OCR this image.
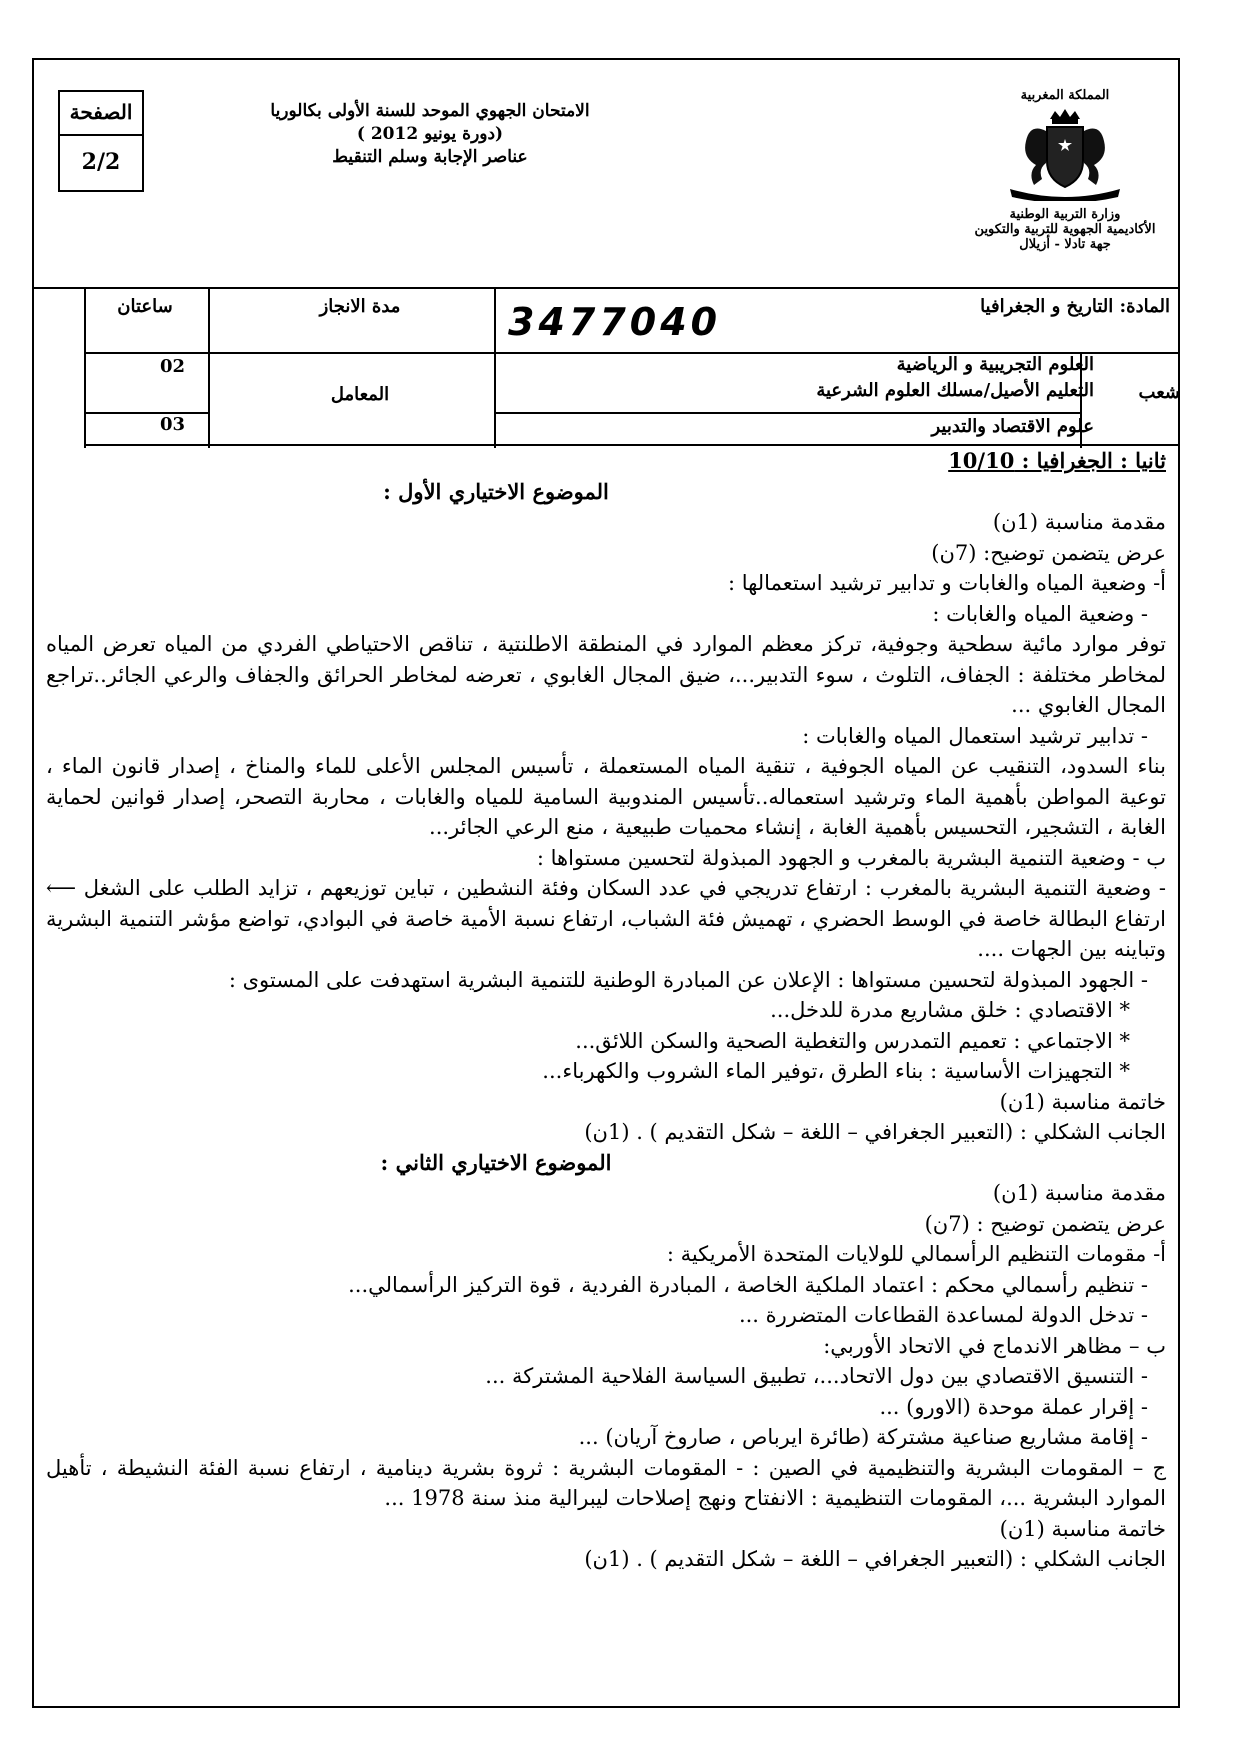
الصفحة
2/2
الامتحان الجهوي الموحد للسنة الأولى بكالوريا
(دورة يونيو 2012 )
عناصر الإجابة وسلم التنقيط
المملكة المغربية
وزارة التربية الوطنية
الأكاديمية الجهوية للتربية والتكوين
جهة تادلا - أزيلال
المادة: التاريخ و الجغرافيا
3477040
مدة الانجاز
ساعتان
شعب
العلوم التجريبية و الرياضية
التعليم الأصيل/مسلك العلوم الشرعية
علوم الاقتصاد والتدبير
المعامل
02
03

ثانيا : الجغرافيا : 10/10

الموضوع الاختياري الأول :

مقدمة مناسبة (1ن)

عرض يتضمن توضيح: (7ن)

أ- وضعية المياه والغابات و تدابير ترشيد استعمالها :

- وضعية المياه والغابات :

توفر موارد مائية سطحية وجوفية، تركز معظم الموارد في المنطقة الاطلنتية ، تناقص الاحتياطي الفردي من المياه تعرض المياه لمخاطر مختلفة : الجفاف، التلوث ، سوء التدبير...، ضيق المجال الغابوي ، تعرضه لمخاطر الحرائق والجفاف والرعي الجائر..تراجع المجال الغابوي ...

- تدابير ترشيد استعمال المياه والغابات :

بناء السدود، التنقيب عن المياه الجوفية ، تنقية المياه المستعملة ، تأسيس المجلس الأعلى للماء والمناخ ، إصدار قانون الماء ، توعية المواطن بأهمية الماء وترشيد استعماله..تأسيس المندوبية السامية للمياه والغابات ، محاربة التصحر، إصدار قوانين لحماية الغابة ، التشجير، التحسيس بأهمية الغابة ، إنشاء محميات طبيعية ، منع الرعي الجائر...

ب - وضعية التنمية البشرية بالمغرب و الجهود المبذولة لتحسين مستواها :

- وضعية التنمية البشرية بالمغرب : ارتفاع تدريجي في عدد السكان وفئة النشطين ، تباين توزيعهم ، تزايد الطلب على الشغل ⟵ ارتفاع البطالة خاصة في الوسط الحضري ، تهميش فئة الشباب، ارتفاع نسبة الأمية خاصة في البوادي، تواضع مؤشر التنمية البشرية وتباينه بين الجهات ....

- الجهود المبذولة لتحسين مستواها : الإعلان عن المبادرة الوطنية للتنمية البشرية استهدفت على المستوى :

* الاقتصادي : خلق مشاريع مدرة للدخل...

* الاجتماعي : تعميم التمدرس والتغطية الصحية والسكن اللائق...

* التجهيزات الأساسية : بناء الطرق ،توفير الماء الشروب والكهرباء...

خاتمة مناسبة (1ن)

الجانب الشكلي : (التعبير الجغرافي – اللغة – شكل التقديم ) . (1ن)

الموضوع الاختياري الثاني :

مقدمة مناسبة (1ن)

عرض يتضمن توضيح : (7ن)

أ- مقومات التنظيم الرأسمالي للولايات المتحدة الأمريكية :

- تنظيم رأسمالي محكم : اعتماد الملكية الخاصة ، المبادرة الفردية ، قوة التركيز الرأسمالي...

- تدخل الدولة لمساعدة القطاعات المتضررة ...

ب – مظاهر الاندماج في الاتحاد الأوربي:

- التنسيق الاقتصادي بين دول الاتحاد...، تطبيق السياسة الفلاحية المشتركة ...

- إقرار عملة موحدة (الاورو) ...

- إقامة مشاريع صناعية مشتركة (طائرة ايرباص ، صاروخ آريان) ...

ج – المقومات البشرية والتنظيمية في الصين : - المقومات البشرية : ثروة بشرية دينامية ، ارتفاع نسبة الفئة النشيطة ، تأهيل الموارد البشرية ...، المقومات التنظيمية : الانفتاح ونهج إصلاحات ليبرالية منذ سنة 1978 ...

خاتمة مناسبة (1ن)

الجانب الشكلي : (التعبير الجغرافي – اللغة – شكل التقديم ) . (1ن)
